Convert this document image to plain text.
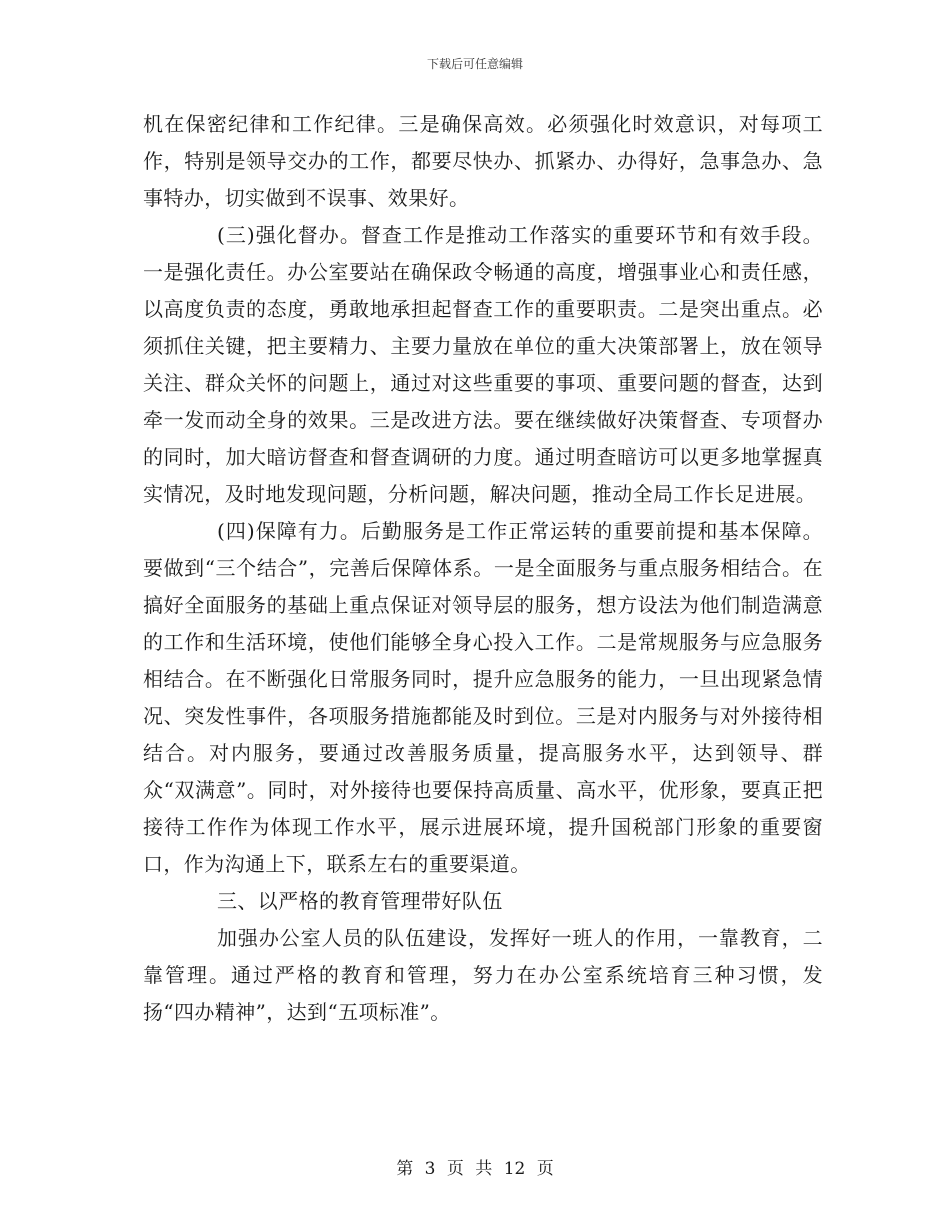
下载后可任意编辑

机在保密纪律和工作纪律。三是确保高效。必须强化时效意识，对每项工作，特别是领导交办的工作，都要尽快办、抓紧办、办得好，急事急办、急事特办，切实做到不误事、效果好。

(三)强化督办。督查工作是推动工作落实的重要环节和有效手段。一是强化责任。办公室要站在确保政令畅通的高度，增强事业心和责任感，以高度负责的态度，勇敢地承担起督查工作的重要职责。二是突出重点。必须抓住关键，把主要精力、主要力量放在单位的重大决策部署上，放在领导关注、群众关怀的问题上，通过对这些重要的事项、重要问题的督查，达到牵一发而动全身的效果。三是改进方法。要在继续做好决策督查、专项督办的同时，加大暗访督查和督查调研的力度。通过明查暗访可以更多地掌握真实情况，及时地发现问题，分析问题，解决问题，推动全局工作长足进展。

(四)保障有力。后勤服务是工作正常运转的重要前提和基本保障。要做到“三个结合”，完善后保障体系。一是全面服务与重点服务相结合。在搞好全面服务的基础上重点保证对领导层的服务，想方设法为他们制造满意的工作和生活环境，使他们能够全身心投入工作。二是常规服务与应急服务相结合。在不断强化日常服务同时，提升应急服务的能力，一旦出现紧急情况、突发性事件，各项服务措施都能及时到位。三是对内服务与对外接待相结合。对内服务，要通过改善服务质量，提高服务水平，达到领导、群众“双满意”。同时，对外接待也要保持高质量、高水平，优形象，要真正把接待工作作为体现工作水平，展示进展环境，提升国税部门形象的重要窗口，作为沟通上下，联系左右的重要渠道。

三、以严格的教育管理带好队伍

加强办公室人员的队伍建设，发挥好一班人的作用，一靠教育，二靠管理。通过严格的教育和管理，努力在办公室系统培育三种习惯，发扬“四办精神”，达到“五项标准”。

第 3 页 共 12 页
